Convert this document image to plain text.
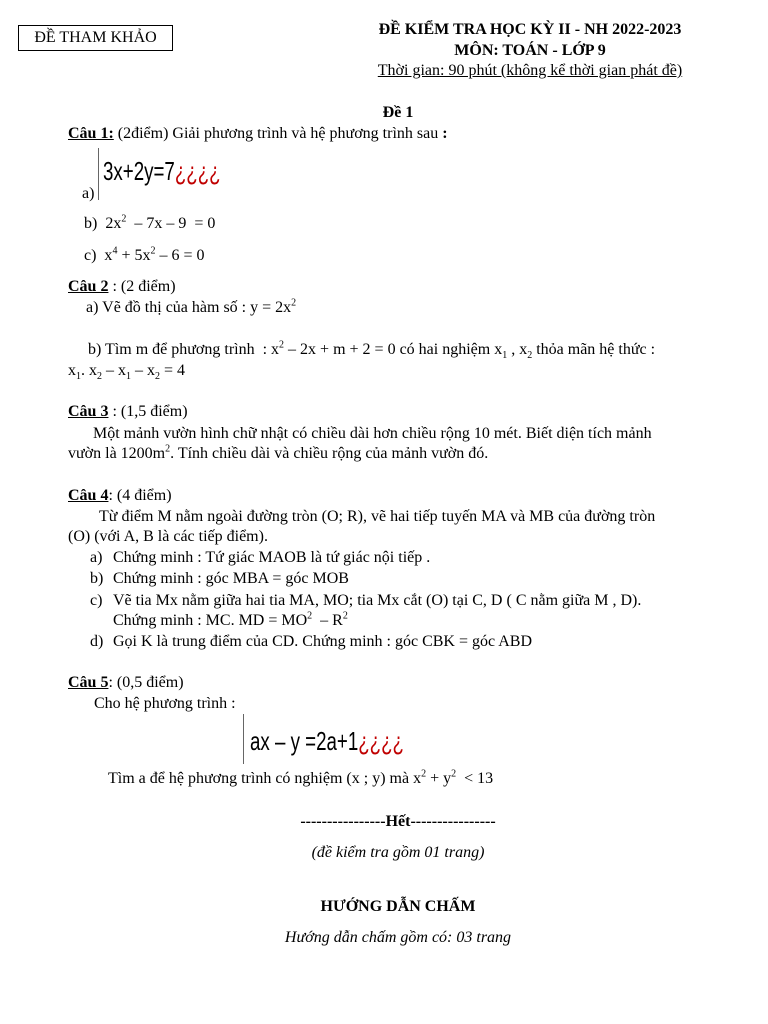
ĐỀ THAM KHẢO	ĐỀ KIỂM TRA HỌC KỲ II - NH 2022-2023
MÔN: TOÁN - LỚP 9
Thời gian: 90 phút (không kể thời gian phát đề)
Đề 1
Câu 1: (2điểm) Giải phương trình và hệ phương trình sau :
a)
3x+2y=7¿¿¿¿
b)  $2x^2 - 7x - 9 = 0$
c)  $x^4 + 5x^2 - 6 = 0$
Câu 2 : (2 điểm)
a) Vẽ đồ thị của hàm số : $y = 2x^2$
b) Tìm m để phương trình  : $x^2 - 2x + m + 2 = 0$ có hai nghiệm $x_1$ , $x_2$ thỏa mãn hệ thức :
$x_1$. $x_2 - x_1 - x_2 = 4$
Câu 3 : (1,5 điểm)
Một mảnh vườn hình chữ nhật có chiều dài hơn chiều rộng 10 mét. Biết diện tích mảnh
vườn là $1200m^2$. Tính chiều dài và chiều rộng của mảnh vườn đó.
Câu 4: (4 điểm)
Từ điểm M nằm ngoài đường tròn (O; R), vẽ hai tiếp tuyến MA và MB của đường tròn
(O) (với A, B là các tiếp điểm).
a) Chứng minh : Tứ giác MAOB là tứ giác nội tiếp .
b) Chứng minh : góc MBA = góc MOB
c) Vẽ tia Mx nằm giữa hai tia MA, MO; tia Mx cắt (O) tại C, D ( C nằm giữa M , D).
Chứng minh : MC. MD = $MO^2 - R^2$
d) Gọi K là trung điểm của CD. Chứng minh : góc CBK = góc ABD
Câu 5: (0,5 điểm)
Cho hệ phương trình :
ax – y =2a+1¿¿¿¿
Tìm a để hệ phương trình có nghiệm (x ; y) mà $x^2 + y^2 < 13$
----------------Hết----------------
(đề kiểm tra gồm 01 trang)
HƯỚNG DẪN CHẤM
Hướng dẫn chấm gồm có: 03 trang
